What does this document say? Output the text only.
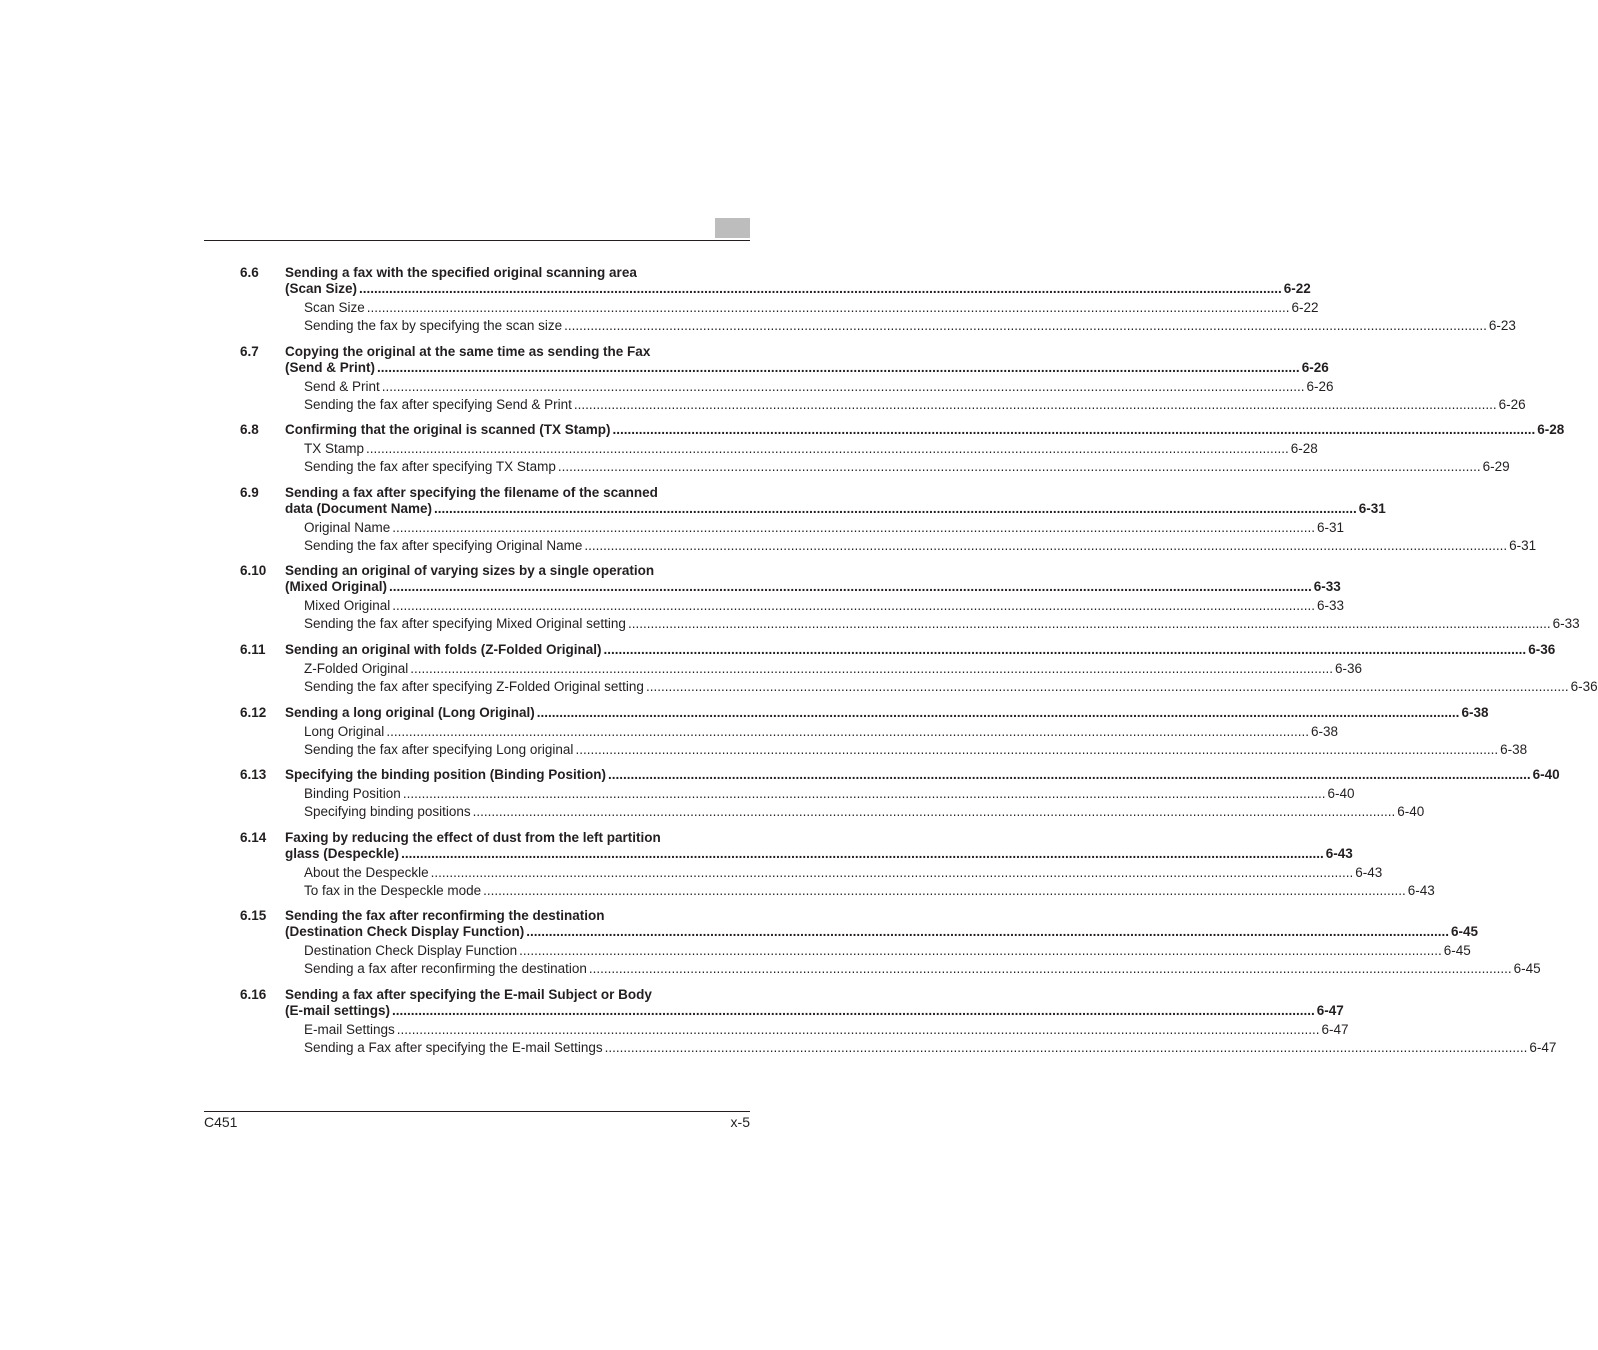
6.6	Sending a fax with the specified original scanning area
(Scan Size) .....	6-22
Scan Size .....	6-22
Sending the fax by specifying the scan size .....	6-23
6.7	Copying the original at the same time as sending the Fax
(Send & Print) .....	6-26
Send & Print .....	6-26
Sending the fax after specifying Send & Print .....	6-26
6.8	Confirming that the original is scanned (TX Stamp) .....	6-28
TX Stamp .....	6-28
Sending the fax after specifying TX Stamp .....	6-29
6.9	Sending a fax after specifying the filename of the scanned
data (Document Name) .....	6-31
Original Name .....	6-31
Sending the fax after specifying Original Name .....	6-31
6.10	Sending an original of varying sizes by a single operation
(Mixed Original) .....	6-33
Mixed Original .....	6-33
Sending the fax after specifying Mixed Original setting .....	6-33
6.11	Sending an original with folds (Z-Folded Original) .....	6-36
Z-Folded Original .....	6-36
Sending the fax after specifying Z-Folded Original setting .....	6-36
6.12	Sending a long original (Long Original) .....	6-38
Long Original .....	6-38
Sending the fax after specifying Long original .....	6-38
6.13	Specifying the binding position (Binding Position) .....	6-40
Binding Position .....	6-40
Specifying binding positions .....	6-40
6.14	Faxing by reducing the effect of dust from the left partition
glass (Despeckle) .....	6-43
About the Despeckle .....	6-43
To fax in the Despeckle mode .....	6-43
6.15	Sending the fax after reconfirming the destination
(Destination Check Display Function) .....	6-45
Destination Check Display Function .....	6-45
Sending a fax after reconfirming the destination .....	6-45
6.16	Sending a fax after specifying the E-mail Subject or Body
(E-mail settings) .....	6-47
E-mail Settings .....	6-47
Sending a Fax after specifying the E-mail Settings .....	6-47
C451	x-5
